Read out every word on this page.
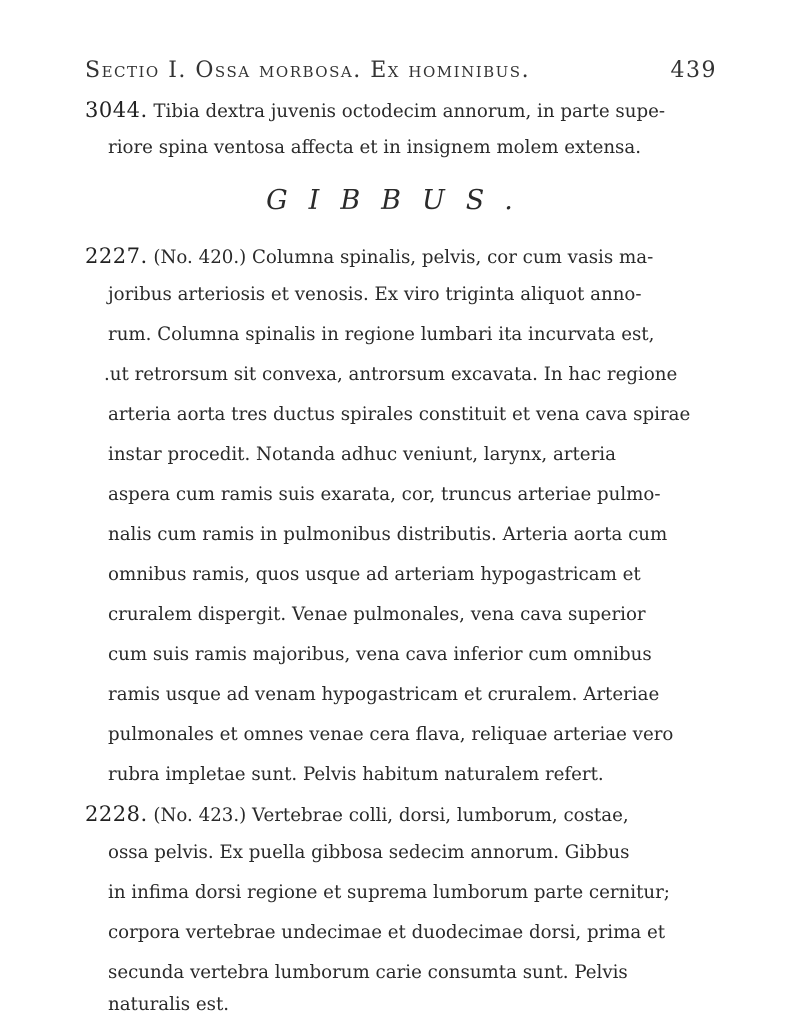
Sectio I. Ossa morbosa. Ex hominibus.	439
3044. Tibia dextra juvenis octodecim annorum, in parte supe-
riore spina ventosa affecta et in insignem molem extensa.
GIBBUS.
2227. (No. 420.) Columna spinalis, pelvis, cor cum vasis ma-
joribus arteriosis et venosis. Ex viro triginta aliquot anno-
rum. Columna spinalis in regione lumbari ita incurvata est,
.ut retrorsum sit convexa, antrorsum excavata. In hac regione
arteria aorta tres ductus spirales constituit et vena cava spirae
instar procedit. Notanda adhuc veniunt, larynx, arteria
aspera cum ramis suis exarata, cor, truncus arteriae pulmo-
nalis cum ramis in pulmonibus distributis. Arteria aorta cum
omnibus ramis, quos usque ad arteriam hypogastricam et
cruralem dispergit. Venae pulmonales, vena cava superior
cum suis ramis majoribus, vena cava inferior cum omnibus
ramis usque ad venam hypogastricam et cruralem. Arteriae
pulmonales et omnes venae cera flava, reliquae arteriae vero
rubra impletae sunt. Pelvis habitum naturalem refert.
2228. (No. 423.) Vertebrae colli, dorsi, lumborum, costae,
ossa pelvis. Ex puella gibbosa sedecim annorum. Gibbus
in infima dorsi regione et suprema lumborum parte cernitur;
corpora vertebrae undecimae et duodecimae dorsi, prima et
secunda vertebra lumborum carie consumta sunt. Pelvis
naturalis est.
